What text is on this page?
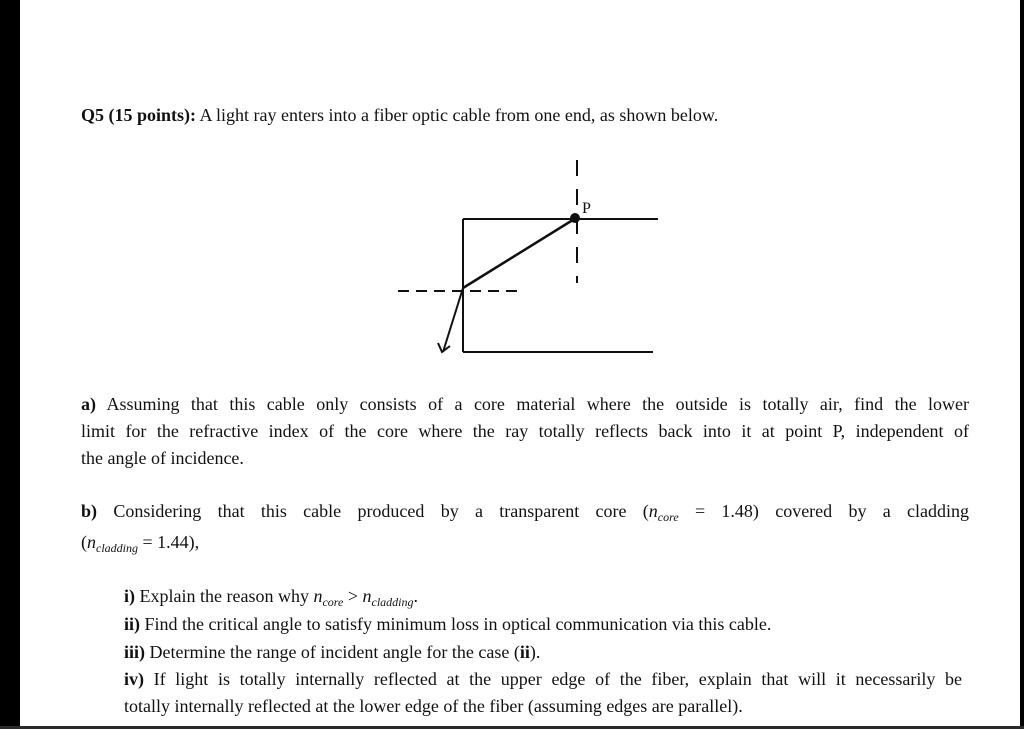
Q5 (15 points): A light ray enters into a fiber optic cable from one end, as shown below.
P
a) Assuming that this cable only consists of a core material where the outside is totally air, find the lower
limit for the refractive index of the core where the ray totally reflects back into it at point P, independent of
the angle of incidence.
b) Considering that this cable produced by a transparent core $(n_{core} = 1.48)$ covered by a cladding
$(n_{cladding} = 1.44)$,
i) Explain the reason why $n_{core} > n_{cladding}$.
ii) Find the critical angle to satisfy minimum loss in optical communication via this cable.
iii) Determine the range of incident angle for the case (ii).
iv) If light is totally internally reflected at the upper edge of the fiber, explain that will it necessarily be
totally internally reflected at the lower edge of the fiber (assuming edges are parallel).
